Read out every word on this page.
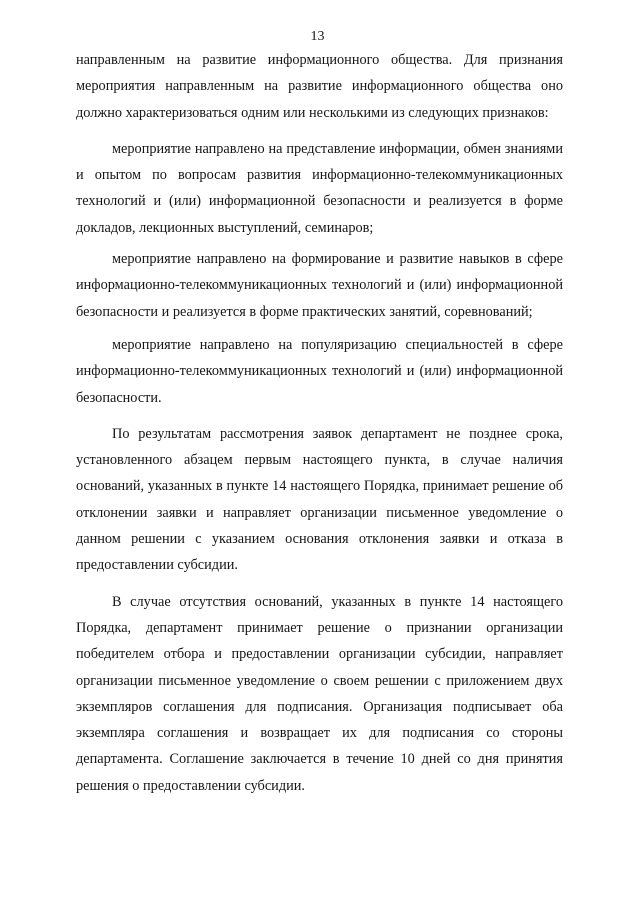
13

направленным на развитие информационного общества. Для признания мероприятия направленным на развитие информационного общества оно должно характеризоваться одним или несколькими из следующих признаков:

мероприятие направлено на представление информации, обмен знаниями и опытом по вопросам развития информационно-телекоммуникационных технологий и (или) информационной безопасности и реализуется в форме докладов, лекционных выступлений, семинаров;

мероприятие направлено на формирование и развитие навыков в сфере информационно-телекоммуникационных технологий и (или) информационной безопасности и реализуется в форме практических занятий, соревнований;

мероприятие направлено на популяризацию специальностей в сфере информационно-телекоммуникационных технологий и (или) информационной безопасности.

По результатам рассмотрения заявок департамент не позднее срока, установленного абзацем первым настоящего пункта, в случае наличия оснований, указанных в пункте 14 настоящего Порядка, принимает решение об отклонении заявки и направляет организации письменное уведомление о данном решении с указанием основания отклонения заявки и отказа в предоставлении субсидии.

В случае отсутствия оснований, указанных в пункте 14 настоящего Порядка, департамент принимает решение о признании организации победителем отбора и предоставлении организации субсидии, направляет организации письменное уведомление о своем решении с приложением двух экземпляров соглашения для подписания. Организация подписывает оба экземпляра соглашения и возвращает их для подписания со стороны департамента. Соглашение заключается в течение 10 дней со дня принятия решения о предоставлении субсидии.
